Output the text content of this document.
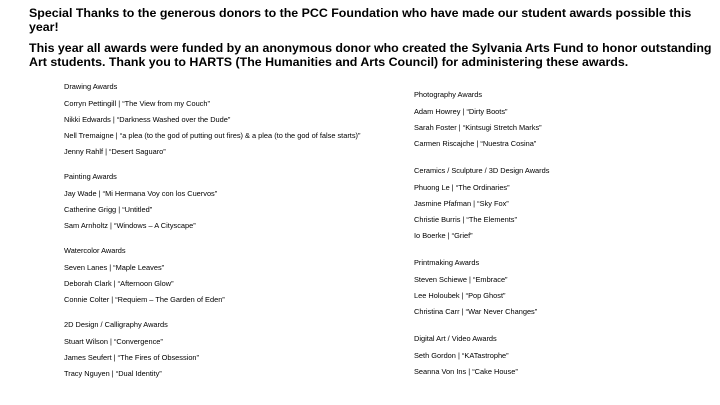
Special Thanks to the generous donors to the PCC Foundation who have made our student awards possible this year!

This year all awards were funded by an anonymous donor who created the Sylvania Arts Fund to honor outstanding Art students. Thank you to HARTS (The Humanities and Arts Council) for administering these awards.

Drawing Awards
Corryn Pettingill | “The View from my Couch”
Nikki Edwards | “Darkness Washed over the Dude”
Nell Tremaigne | “a plea (to the god of putting out fires) & a plea (to the god of false starts)”
Jenny Rahlf | “Desert Saguaro”
Painting Awards
Jay Wade | “Mi Hermana Voy con los Cuervos”
Catherine Grigg | “Untitled”
Sam Arnholtz | “Windows – A Cityscape”
Watercolor Awards
Seven Lanes | “Maple Leaves”
Deborah Clark | “Afternoon Glow”
Connie Colter | “Requiem – The Garden of Eden”
2D Design / Calligraphy Awards
Stuart Wilson | “Convergence”
James Seufert | “The Fires of Obsession”
Tracy Nguyen | “Dual Identity”
Photography Awards
Adam Howrey | “Dirty Boots”
Sarah Foster | “Kintsugi Stretch Marks”
Carmen Riscajche | “Nuestra Cosina”
Ceramics / Sculpture / 3D Design Awards
Phuong Le | “The Ordinaries”
Jasmine Pfafman | “Sky Fox”
Christie Burris | “The Elements”
Io Boerke | “Grief”
Printmaking Awards
Steven Schiewe | “Embrace”
Lee Holoubek | “Pop Ghost”
Christina Carr | “War Never Changes”
Digital Art / Video Awards
Seth Gordon | “KATastrophe”
Seanna Von Ins | “Cake House”
